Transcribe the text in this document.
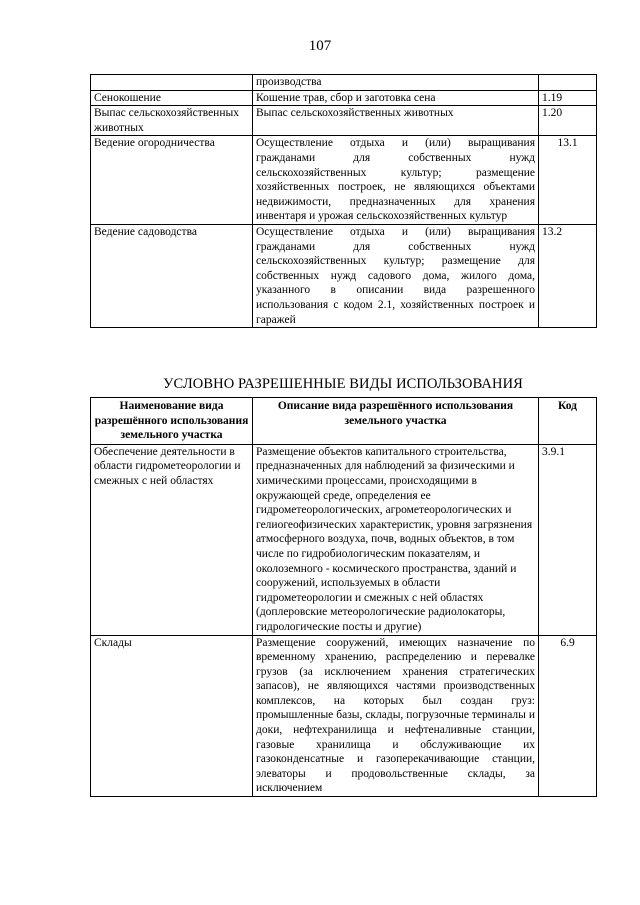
107
	производства	
Сенокошение	Кошение трав, сбор и заготовка сена	1.19
Выпас сельскохозяйственных животных	Выпас сельскохозяйственных животных	1.20
Ведение огородничества	Осуществление отдыха и (или) выращивания гражданами для собственных нужд сельскохозяйственных культур; размещение хозяйственных построек, не являющихся объектами недвижимости, предназначенных для хранения инвентаря и урожая сельскохозяйственных культур	13.1
Ведение садоводства	Осуществление отдыха и (или) выращивания гражданами для собственных нужд сельскохозяйственных культур; размещение для собственных нужд садового дома, жилого дома, указанного в описании вида разрешенного использования с кодом 2.1, хозяйственных построек и гаражей	13.2
УСЛОВНО РАЗРЕШЕННЫЕ ВИДЫ ИСПОЛЬЗОВАНИЯ
Наименование вида разрешённого использования земельного участка	Описание вида разрешённого использования земельного участка	Код
Обеспечение деятельности в области гидрометеорологии и смежных с ней областях	Размещение объектов капитального строительства, предназначенных для наблюдений за физическими и химическими процессами, происходящими в окружающей среде, определения ее гидрометеорологических, агрометеорологических и гелиогеофизических характеристик, уровня загрязнения атмосферного воздуха, почв, водных объектов, в том числе по гидробиологическим показателям, и околоземного - космического пространства, зданий и сооружений, используемых в области гидрометеорологии и смежных с ней областях (доплеровские метеорологические радиолокаторы, гидрологические посты и другие)	3.9.1
Склады	Размещение сооружений, имеющих назначение по временному хранению, распределению и перевалке грузов (за исключением хранения стратегических запасов), не являющихся частями производственных комплексов, на которых был создан груз: промышленные базы, склады, погрузочные терминалы и доки, нефтехранилища и нефтеналивные станции, газовые хранилища и обслуживающие их газоконденсатные и газоперекачивающие станции, элеваторы и продовольственные склады, за исключением	6.9
